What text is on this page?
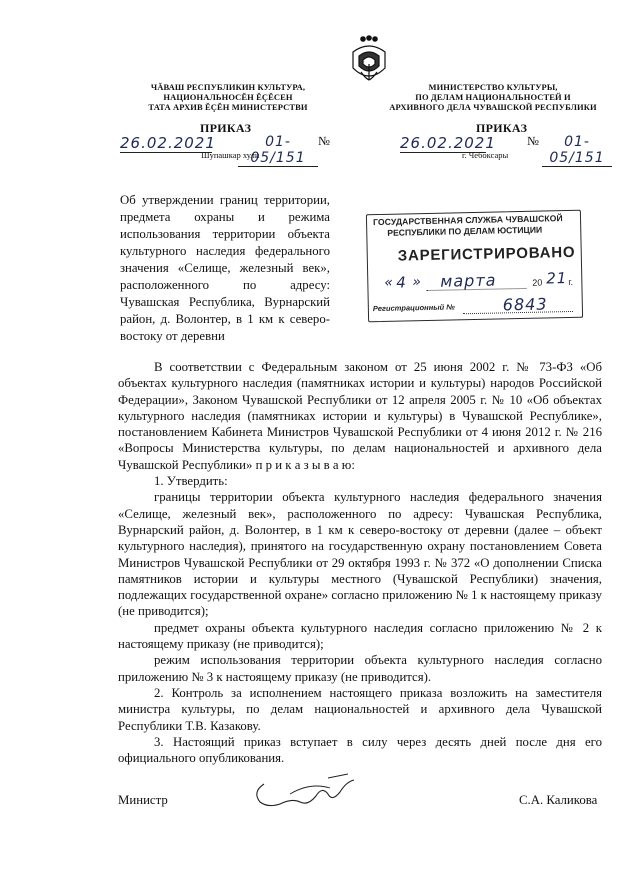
ЧĂВАШ РЕСПУБЛИКИН КУЛЬТУРА,
НАЦИОНАЛЬНОСĔН ĔÇĔСЕН
ТАТА АРХИВ ĔÇĔН МИНИСТЕРСТВИ
ПРИКАЗ
26.02.2021	01-05/151
№
Шупашкар хули
МИНИСТЕРСТВО КУЛЬТУРЫ,
ПО ДЕЛАМ НАЦИОНАЛЬНОСТЕЙ И
АРХИВНОГО ДЕЛА ЧУВАШСКОЙ РЕСПУБЛИКИ
ПРИКАЗ
26.02.2021 №	01-05/151
г. Чебоксары
Об утверждении границ территории, предмета охраны и режима использования территории объекта культурного наследия федерального значения «Селище, железный век», расположенного по адресу: Чувашская Республика, Вурнарский район, д. Волонтер, в 1 км к северо-востоку от деревни
ГОСУДАРСТВЕННАЯ СЛУЖБА ЧУВАШСКОЙ
РЕСПУБЛИКИ ПО ДЕЛАМ ЮСТИЦИИ
ЗАРЕГИСТРИРОВАНО
« 4 » марта	20 21 г.
Регистрационный №	6843

В соответствии с Федеральным законом от 25 июня 2002 г. № 73-ФЗ «Об объектах культурного наследия (памятниках истории и культуры) народов Российской Федерации», Законом Чувашской Республики от 12 апреля 2005 г. № 10 «Об объектах культурного наследия (памятниках истории и культуры) в Чувашской Республике», постановлением Кабинета Министров Чувашской Республики от 4 июня 2012 г. № 216 «Вопросы Министерства культуры, по делам национальностей и архивного дела Чувашской Республики» п р и к а з ы в а ю:

1. Утвердить:

границы территории объекта культурного наследия федерального значения «Селище, железный век», расположенного по адресу: Чувашская Республика, Вурнарский район, д. Волонтер, в 1 км к северо-востоку от деревни (далее – объект культурного наследия), принятого на государственную охрану постановлением Совета Министров Чувашской Республики от 29 октября 1993 г. № 372 «О дополнении Списка памятников истории и культуры местного (Чувашской Республики) значения, подлежащих государственной охране» согласно приложению № 1 к настоящему приказу (не приводится);

предмет охраны объекта культурного наследия согласно приложению № 2 к настоящему приказу (не приводится);

режим использования территории объекта культурного наследия согласно приложению № 3 к настоящему приказу (не приводится).

2. Контроль за исполнением настоящего приказа возложить на заместителя министра культуры, по делам национальностей и архивного дела Чувашской Республики Т.В. Казакову.

3. Настоящий приказ вступает в силу через десять дней после дня его официального опубликования.

Министр	С.А. Каликова
